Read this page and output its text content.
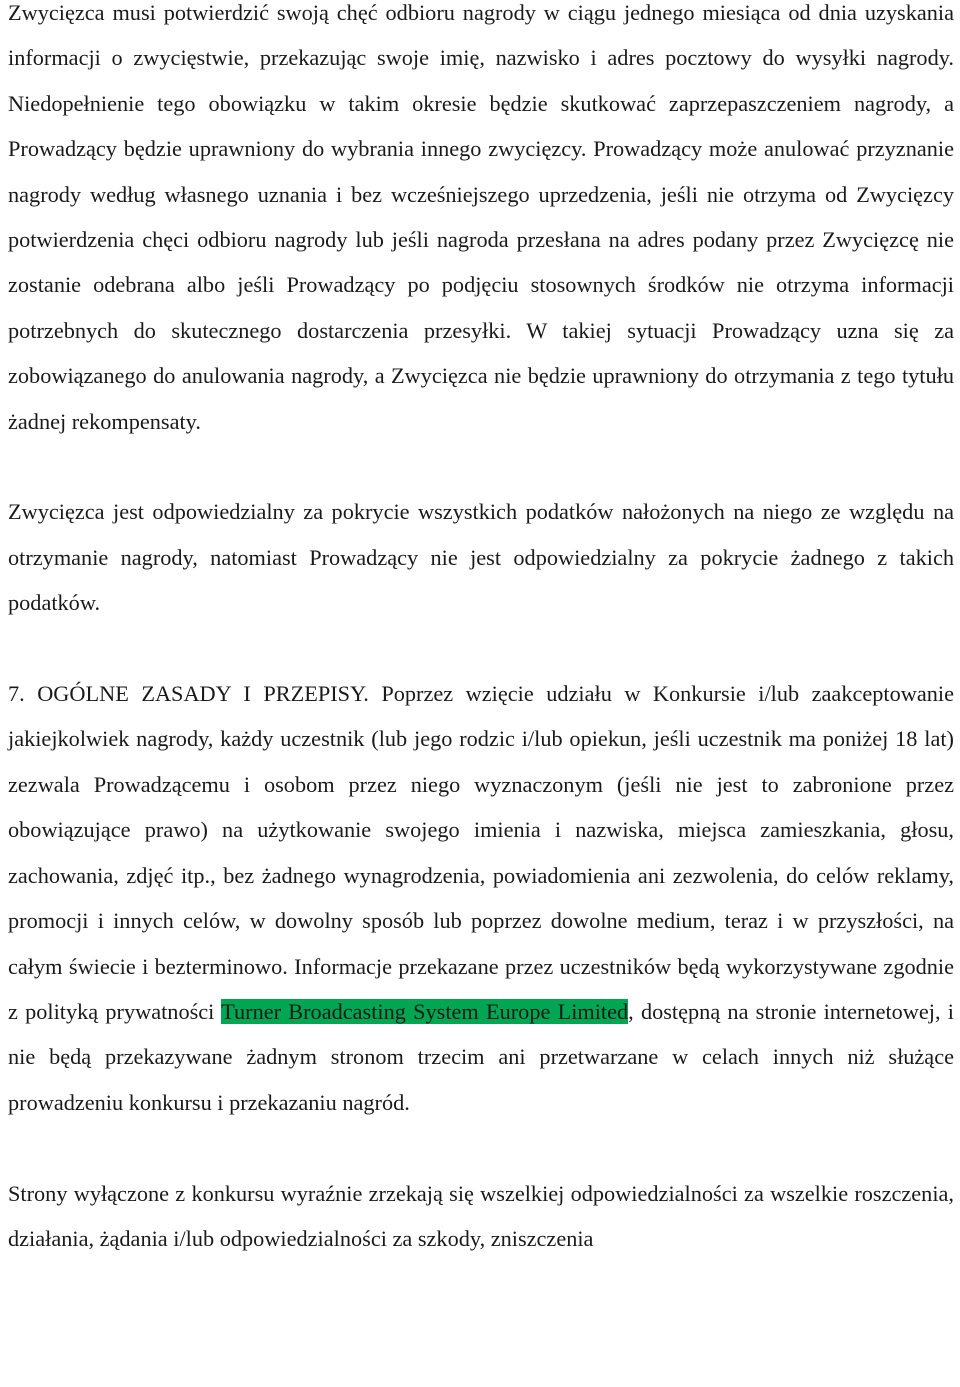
Zwycięzca musi potwierdzić swoją chęć odbioru nagrody w ciągu jednego miesiąca od dnia uzyskania informacji o zwycięstwie, przekazując swoje imię, nazwisko i adres pocztowy do wysyłki nagrody. Niedopełnienie tego obowiązku w takim okresie będzie skutkować zaprzepaszczeniem nagrody, a Prowadzący będzie uprawniony do wybrania innego zwycięzcy. Prowadzący może anulować przyznanie nagrody według własnego uznania i bez wcześniejszego uprzedzenia, jeśli nie otrzyma od Zwycięzcy potwierdzenia chęci odbioru nagrody lub jeśli nagroda przesłana na adres podany przez Zwycięzcę nie zostanie odebrana albo jeśli Prowadzący po podjęciu stosownych środków nie otrzyma informacji potrzebnych do skutecznego dostarczenia przesyłki. W takiej sytuacji Prowadzący uzna się za zobowiązanego do anulowania nagrody, a Zwycięzca nie będzie uprawniony do otrzymania z tego tytułu żadnej rekompensaty.

Zwycięzca jest odpowiedzialny za pokrycie wszystkich podatków nałożonych na niego ze względu na otrzymanie nagrody, natomiast Prowadzący nie jest odpowiedzialny za pokrycie żadnego z takich podatków.

7. OGÓLNE ZASADY I PRZEPISY. Poprzez wzięcie udziału w Konkursie i/lub zaakceptowanie jakiejkolwiek nagrody, każdy uczestnik (lub jego rodzic i/lub opiekun, jeśli uczestnik ma poniżej 18 lat) zezwala Prowadzącemu i osobom przez niego wyznaczonym (jeśli nie jest to zabronione przez obowiązujące prawo) na użytkowanie swojego imienia i nazwiska, miejsca zamieszkania, głosu, zachowania, zdjęć itp., bez żadnego wynagrodzenia, powiadomienia ani zezwolenia, do celów reklamy, promocji i innych celów, w dowolny sposób lub poprzez dowolne medium, teraz i w przyszłości, na całym świecie i bezterminowo. Informacje przekazane przez uczestników będą wykorzystywane zgodnie z polityką prywatności Turner Broadcasting System Europe Limited, dostępną na stronie internetowej, i nie będą przekazywane żadnym stronom trzecim ani przetwarzane w celach innych niż służące prowadzeniu konkursu i przekazaniu nagród.

Strony wyłączone z konkursu wyraźnie zrzekają się wszelkiej odpowiedzialności za wszelkie roszczenia, działania, żądania i/lub odpowiedzialności za szkody, zniszczenia
